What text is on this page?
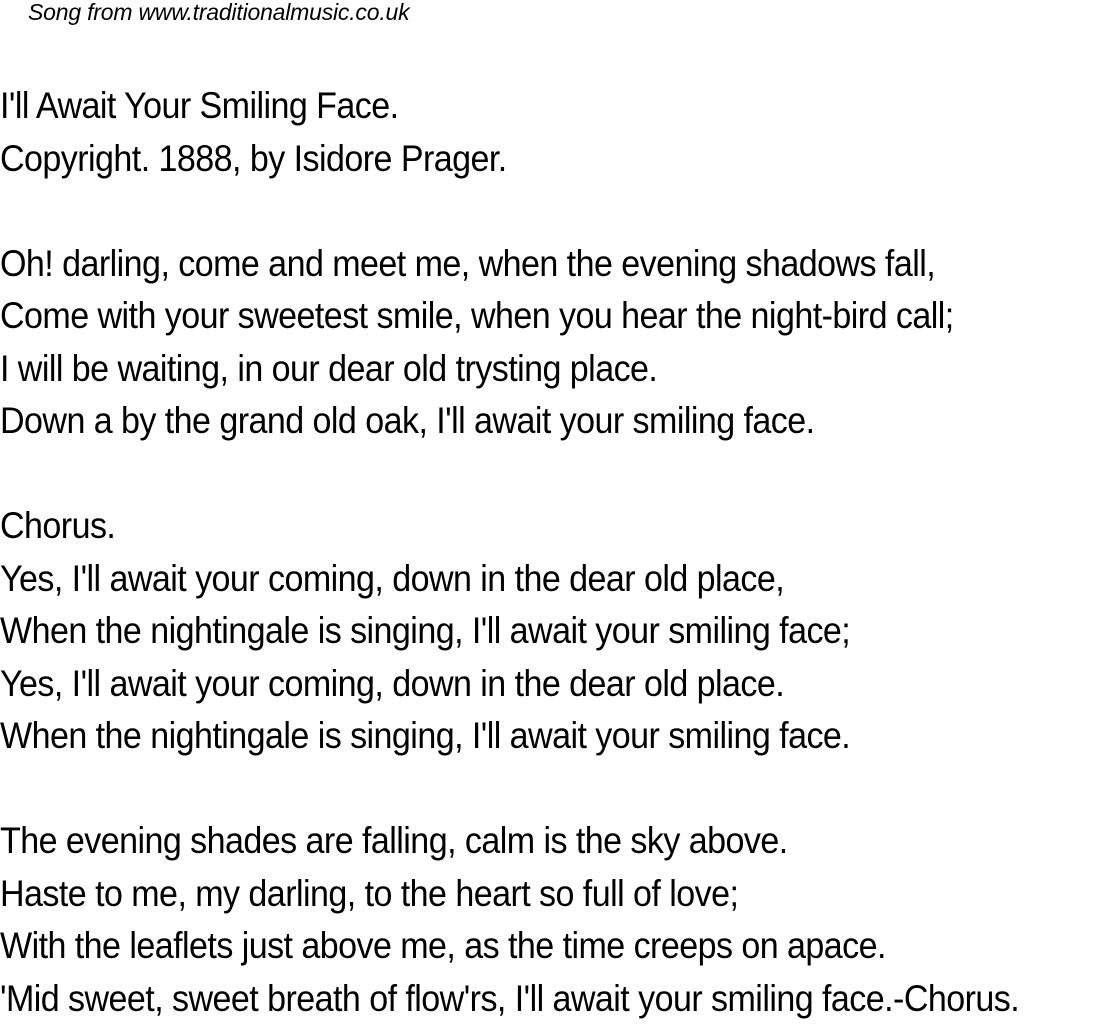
Song from www.traditionalmusic.co.uk
I'll Await Your Smiling Face.
Copyright. 1888, by Isidore Prager.
Oh! darling, come and meet me, when the evening shadows fall,
Come with your sweetest smile, when you hear the night-bird call;
I will be waiting, in our dear old trysting place.
Down a by the grand old oak, I'll await your smiling face.
Chorus.
Yes, I'll await your coming, down in the dear old place,
When the nightingale is singing, I'll await your smiling face;
Yes, I'll await your coming, down in the dear old place.
When the nightingale is singing, I'll await your smiling face.
The evening shades are falling, calm is the sky above.
Haste to me, my darling, to the heart so full of love;
With the leaflets just above me, as the time creeps on apace.
'Mid sweet, sweet breath of flow'rs, I'll await your smiling face.-Chorus.
